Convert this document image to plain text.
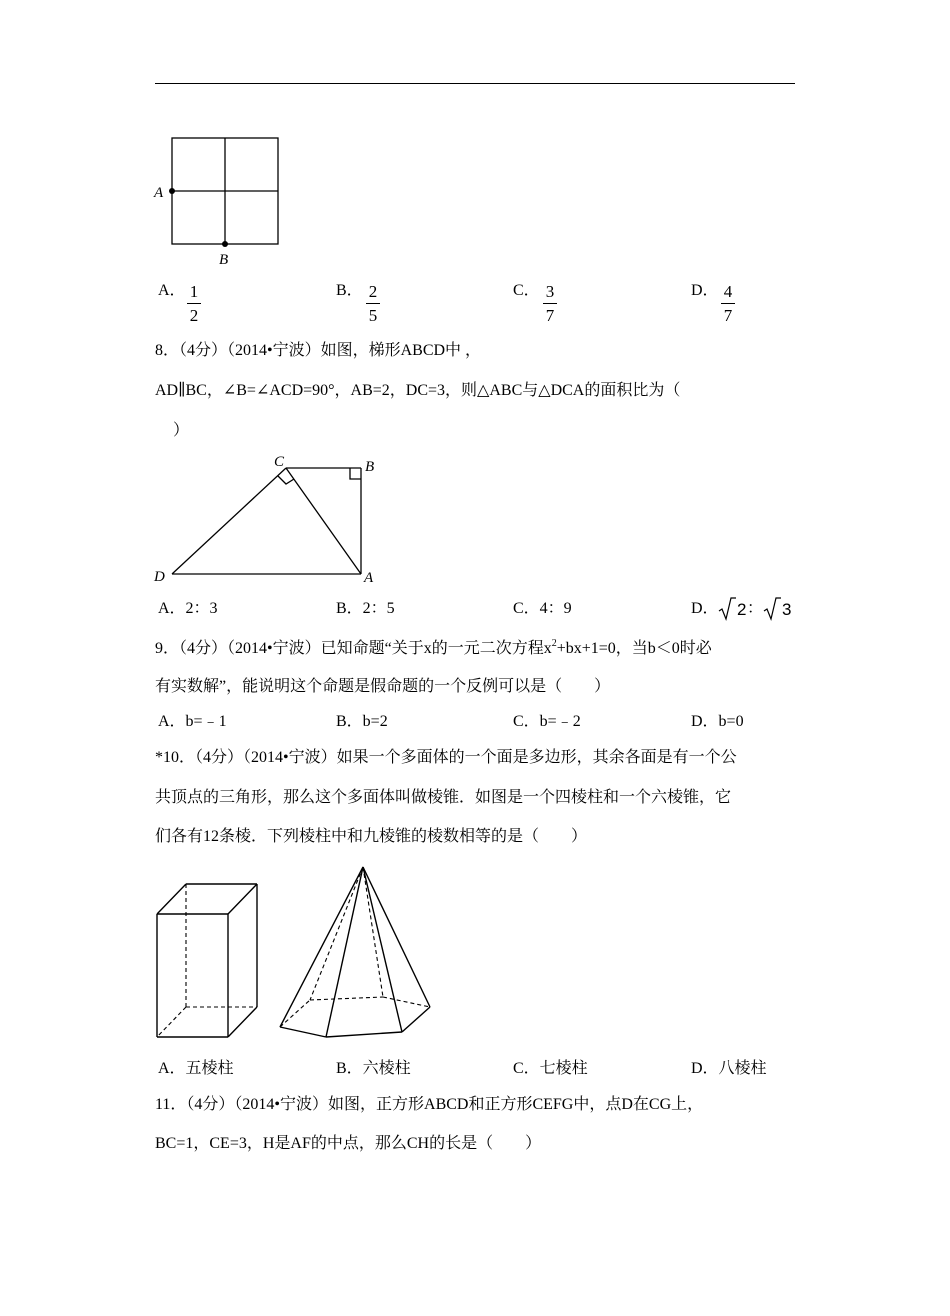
A
B
A． 1
2
B． 2
5
C． 3
7
D． 4
7
8．（4分）（2014•宁波）如图，梯形ABCD中 ，
AD∥BC，∠B=∠ACD=90°，AB=2，DC=3，则△ABC与△DCA的面积比为（
）
C	B
D	A
A．2：3	B．2：5	C．4：9	D． 2 ： 3
9．（4分）（2014•宁波）已知命题“关于x的一元二次方程$x^2+bx+1=0$，当b＜0时必
有实数解”，能说明这个命题是假命题的一个反例可以是（　　）
A．b=﹣1	B．b=2	C．b=﹣2	D．b=0
*10．（4分）（2014•宁波）如果一个多面体的一个面是多边形，其余各面是有一个公
共顶点的三角形，那么这个多面体叫做棱锥．如图是一个四棱柱和一个六棱锥，它
们各有12条棱．下列棱柱中和九棱锥的棱数相等的是（　　）
A．五棱柱	B．六棱柱	C．七棱柱	D．八棱柱
11．（4分）（2014•宁波）如图，正方形ABCD和正方形CEFG中，点D在CG上，
BC=1，CE=3，H是AF的中点，那么CH的长是（　　）
